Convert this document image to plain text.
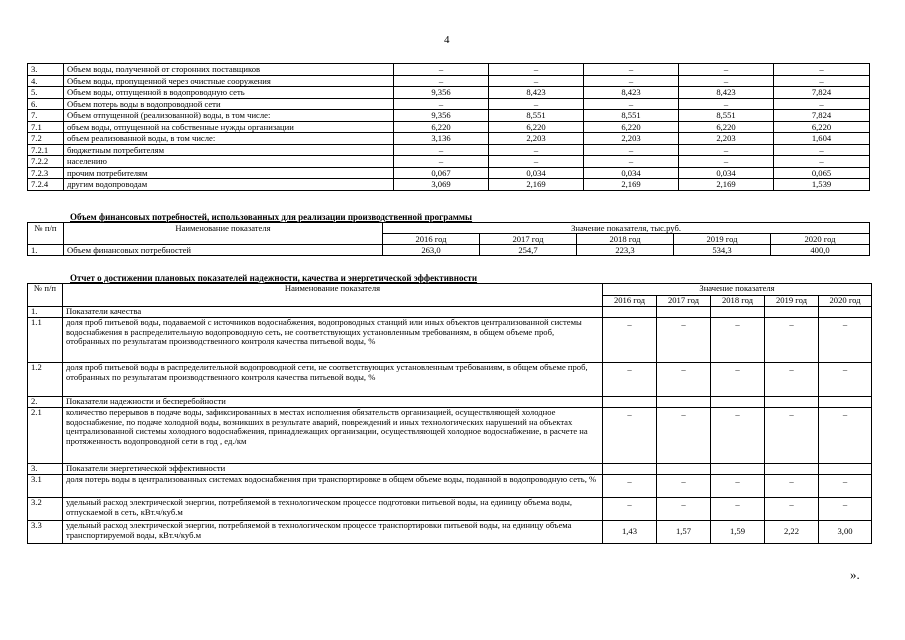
4
3.	Объем воды, полученной от сторонних поставщиков	–	–	–	–	–
4.	Объем воды, пропущенной через очистные сооружения	–	–	–	–	–
5.	Объем воды, отпущенной в водопроводную сеть	9,356	8,423	8,423	8,423	7,824
6.	Объем потерь воды в водопроводной сети	–	–	–	–	–
7.	Объем отпущенной (реализованной) воды, в том числе:	9,356	8,551	8,551	8,551	7,824
7.1	объем воды, отпущенной на собственные нужды организации	6,220	6,220	6,220	6,220	6,220
7.2	объем реализованной воды, в том числе:	3,136	2,203	2,203	2,203	1,604
7.2.1	бюджетным потребителям	–	–	–	–	–
7.2.2	населению	–	–	–	–	–
7.2.3	прочим потребителям	0,067	0,034	0,034	0,034	0,065
7.2.4	другим водопроводам	3,069	2,169	2,169	2,169	1,539
Объем финансовых потребностей, использованных для реализации производственной программы
№ п/п	Наименование показателя	Значение показателя, тыс.руб.				
		2016 год	2017 год	2018 год	2019 год	2020 год
1.	Объем финансовых потребностей	263,0	254,7	223,3	534,3	400,0
Отчет о достижении плановых показателей надежности, качества и энергетической эффективности
№ п/п	Наименование показателя	Значение показателя				
		2016 год	2017 год	2018 год	2019 год	2020 год
1.	Показатели качества					
1.1	доля проб питьевой воды, подаваемой с источников водоснабжения, водопроводных станций или иных объектов централизованной системы водоснабжения в распределительную водопроводную сеть, не соответствующих установленным требованиям, в общем объеме проб, отобранных по результатам производственного контроля качества питьевой воды, %	–	–	–	–	–
1.2	доля проб питьевой воды в распределительной водопроводной сети, не соответствующих установленным требованиям, в общем объеме проб, отобранных по результатам производственного контроля качества питьевой воды, %	–	–	–	–	–
2.	Показатели надежности и бесперебойности					
2.1	количество перерывов в подаче воды, зафиксированных в местах исполнения обязательств организацией, осуществляющей холодное водоснабжение, по подаче холодной воды, возникших в результате аварий, повреждений и иных технологических нарушений на объектах централизованной системы холодного водоснабжения, принадлежащих организации, осуществляющей холодное водоснабжение, в расчете на протяженность водопроводной сети в год , ед./км	–	–	–	–	–
3.	Показатели энергетической эффективности					
3.1	доля потерь воды в централизованных системах водоснабжения при транспортировке в общем объеме воды, поданной в водопроводную сеть, %	–	–	–	–	–
3.2	удельный расход электрической энергии, потребляемой в технологическом процессе подготовки питьевой воды, на единицу объема воды, отпускаемой в сеть, кВт.ч/куб.м	–	–	–	–	–
3.3	удельный расход электрической энергии, потребляемой в технологическом процессе транспортировки питьевой воды, на единицу объема транспортируемой воды, кВт.ч/куб.м	1,43	1,57	1,59	2,22	3,00
».
